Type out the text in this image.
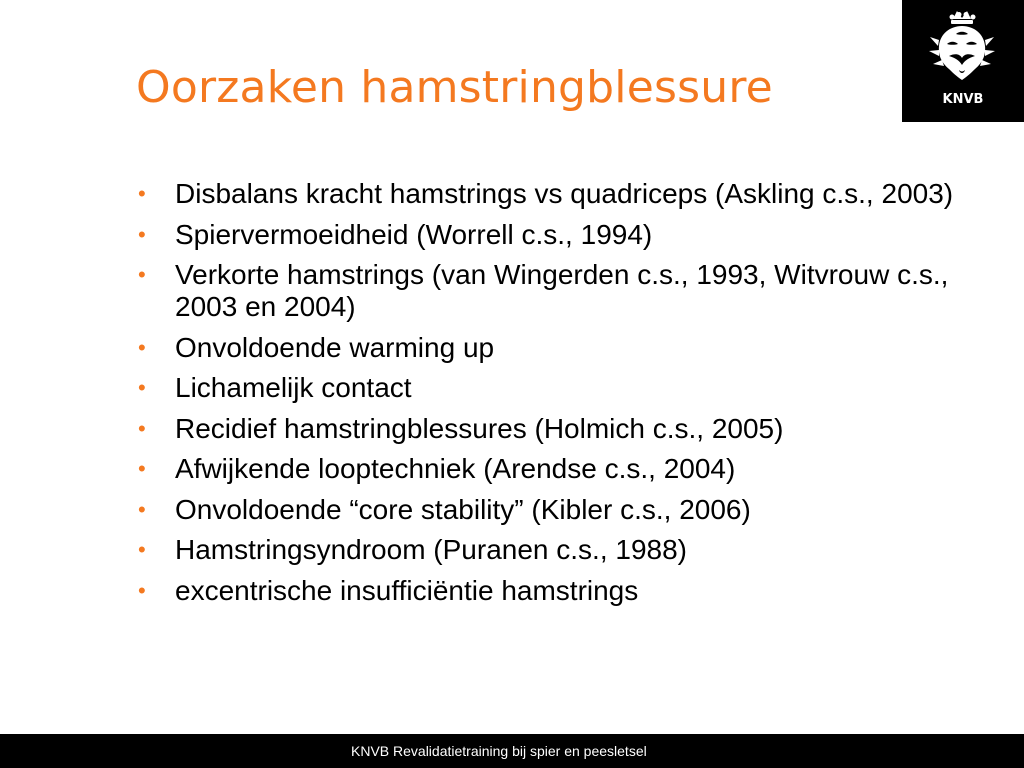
Oorzaken hamstringblessure	KNVB
• Disbalans kracht hamstrings vs quadriceps (Askling c.s., 2003)
• Spiervermoeidheid (Worrell c.s., 1994)
• Verkorte hamstrings (van Wingerden c.s., 1993, Witvrouw c.s., 2003 en 2004)
• Onvoldoende warming up
• Lichamelijk contact
• Recidief hamstringblessures (Holmich c.s., 2005)
• Afwijkende looptechniek (Arendse c.s., 2004)
• Onvoldoende “core stability” (Kibler c.s., 2006)
• Hamstringsyndroom (Puranen c.s., 1988)
• excentrische insufficiëntie hamstrings
KNVB Revalidatietraining bij spier en peesletsel
